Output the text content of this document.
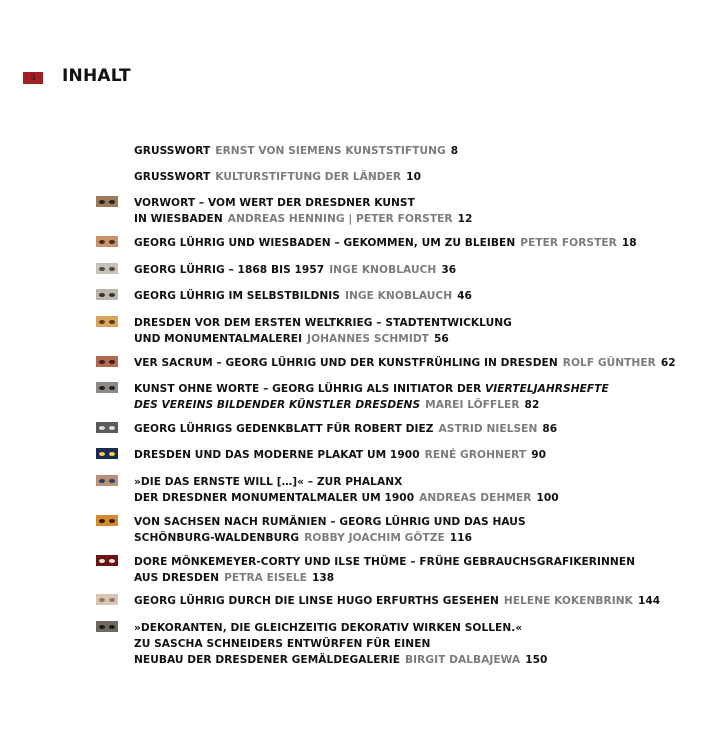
5 INHALT
GRUSSWORT ERNST VON SIEMENS KUNSTSTIFTUNG 8
GRUSSWORT KULTURSTIFTUNG DER LÄNDER 10
VORWORT – VOM WERT DER DRESDNER KUNST
IN WIESBADEN ANDREAS HENNING | PETER FORSTER 12
GEORG LÜHRIG UND WIESBADEN – GEKOMMEN, UM ZU BLEIBEN PETER FORSTER 18
GEORG LÜHRIG – 1868 BIS 1957 INGE KNOBLAUCH 36
GEORG LÜHRIG IM SELBSTBILDNIS INGE KNOBLAUCH 46
DRESDEN VOR DEM ERSTEN WELTKRIEG – STADTENTWICKLUNG
UND MONUMENTALMALEREI JOHANNES SCHMIDT 56
VER SACRUM – GEORG LÜHRIG UND DER KUNSTFRÜHLING IN DRESDEN ROLF GÜNTHER 62
KUNST OHNE WORTE – GEORG LÜHRIG ALS INITIATOR DER VIERTELJAHRSHEFTE
DES VEREINS BILDENDER KÜNSTLER DRESDENS MAREI LÖFFLER 82
GEORG LÜHRIGS GEDENKBLATT FÜR ROBERT DIEZ ASTRID NIELSEN 86
DRESDEN UND DAS MODERNE PLAKAT UM 1900 RENÉ GROHNERT 90
»DIE DAS ERNSTE WILL […]« – ZUR PHALANX
DER DRESDNER MONUMENTALMALER UM 1900 ANDREAS DEHMER 100
VON SACHSEN NACH RUMÄNIEN – GEORG LÜHRIG UND DAS HAUS
SCHÖNBURG-WALDENBURG ROBBY JOACHIM GÖTZE 116
DORE MÖNKEMEYER-CORTY UND ILSE THÜME – FRÜHE GEBRAUCHSGRAFIKERINNEN
AUS DRESDEN PETRA EISELE 138
GEORG LÜHRIG DURCH DIE LINSE HUGO ERFURTHS GESEHEN HELENE KOKENBRINK 144
»DEKORANTEN, DIE GLEICHZEITIG DEKORATIV WIRKEN SOLLEN.«
ZU SASCHA SCHNEIDERS ENTWÜRFEN FÜR EINEN
NEUBAU DER DRESDENER GEMÄLDEGALERIE BIRGIT DALBAJEWA 150
